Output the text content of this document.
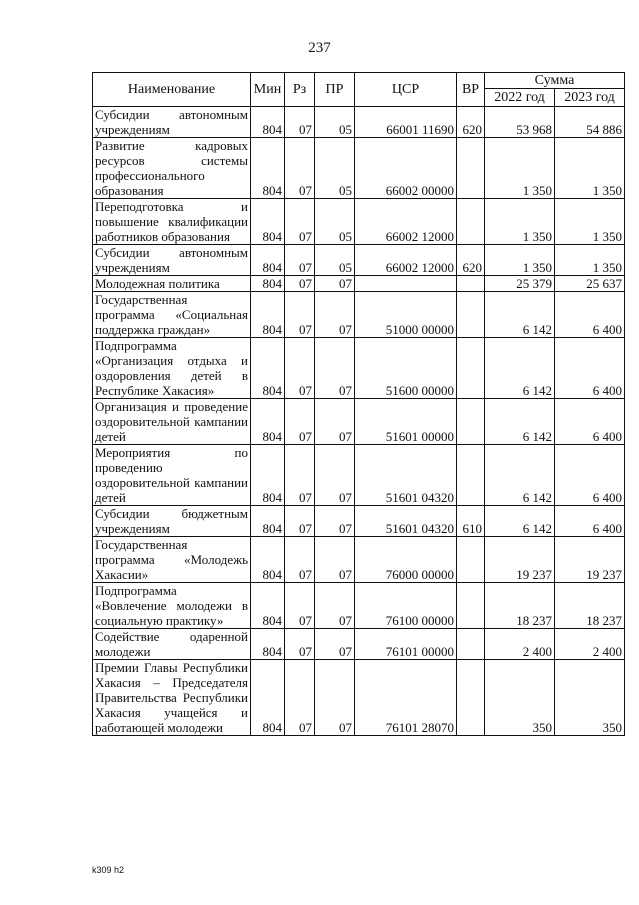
237
Наименование	Мин	Рз	ПР	ЦСР	ВР	Сумма	
						2022 год	2023 год
Субсидии автономным учреждениям	804	07	05	66001 11690	620	53 968	54 886
Развитие кадровых ресурсов системы профессионального образования	804	07	05	66002 00000		1 350	1 350
Переподготовка и повышение квалификации работников образования	804	07	05	66002 12000		1 350	1 350
Субсидии автономным учреждениям	804	07	05	66002 12000	620	1 350	1 350
Молодежная политика	804	07	07			25 379	25 637
Государственная программа «Социальная поддержка граждан»	804	07	07	51000 00000		6 142	6 400
Подпрограмма «Организация отдыха и оздоровления детей в Республике Хакасия»	804	07	07	51600 00000		6 142	6 400
Организация и проведение оздоровительной кампании детей	804	07	07	51601 00000		6 142	6 400
Мероприятия по проведению оздоровительной кампании детей	804	07	07	51601 04320		6 142	6 400
Субсидии бюджетным учреждениям	804	07	07	51601 04320	610	6 142	6 400
Государственная программа «Молодежь Хакасии»	804	07	07	76000 00000		19 237	19 237
Подпрограмма «Вовлечение молодежи в социальную практику»	804	07	07	76100 00000		18 237	18 237
Содействие одаренной молодежи	804	07	07	76101 00000		2 400	2 400
Премии Главы Республики Хакасия – Председателя Правительства Республики Хакасия учащейся и работающей молодежи	804	07	07	76101 28070		350	350
k309 h2
